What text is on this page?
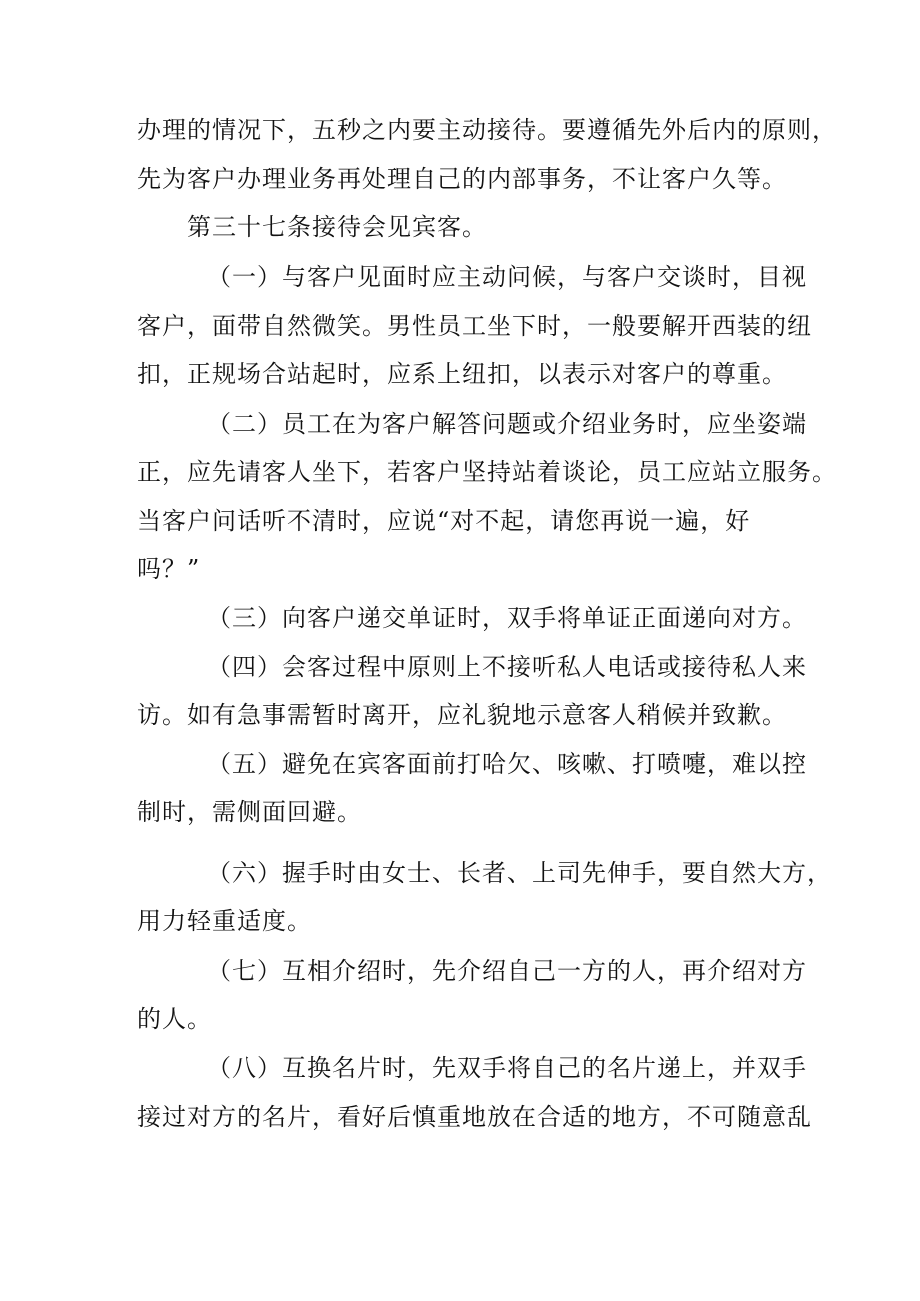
办理的情况下，五秒之内要主动接待。要遵循先外后内的原则，
先为客户办理业务再处理自己的内部事务，不让客户久等。
第三十七条接待会见宾客。
（一）与客户见面时应主动问候，与客户交谈时，目视
客户，面带自然微笑。男性员工坐下时，一般要解开西装的纽
扣，正规场合站起时，应系上纽扣，以表示对客户的尊重。
（二）员工在为客户解答问题或介绍业务时，应坐姿端
正，应先请客人坐下，若客户坚持站着谈论，员工应站立服务。
当客户问话听不清时，应说“对不起，请您再说一遍，好
吗？”
（三）向客户递交单证时，双手将单证正面递向对方。
（四）会客过程中原则上不接听私人电话或接待私人来
访。如有急事需暂时离开，应礼貌地示意客人稍候并致歉。
（五）避免在宾客面前打哈欠、咳嗽、打喷嚏，难以控
制时，需侧面回避。
（六）握手时由女士、长者、上司先伸手，要自然大方，
用力轻重适度。
（七）互相介绍时，先介绍自己一方的人，再介绍对方
的人。
（八）互换名片时，先双手将自己的名片递上，并双手
接过对方的名片，看好后慎重地放在合适的地方，不可随意乱
